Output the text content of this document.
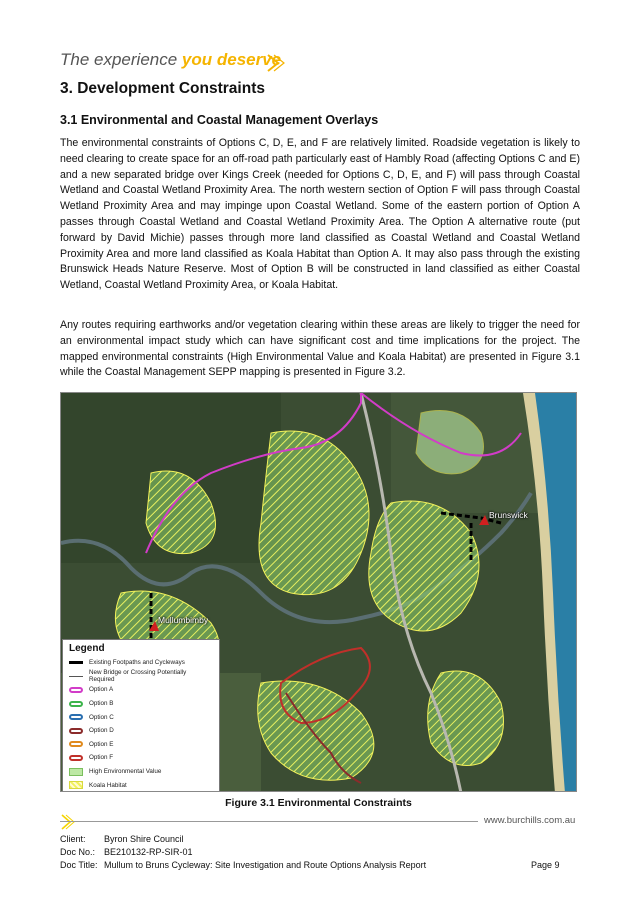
The experience you deserve
3. Development Constraints
3.1 Environmental and Coastal Management Overlays

The environmental constraints of Options C, D, E, and F are relatively limited. Roadside vegetation is likely to need clearing to create space for an off-road path particularly east of Hambly Road (affecting Options C and E) and a new separated bridge over Kings Creek (needed for Options C, D, E, and F) will pass through Coastal Wetland and Coastal Wetland Proximity Area. The north western section of Option F will pass through Coastal Wetland Proximity Area and may impinge upon Coastal Wetland. Some of the eastern portion of Option A passes through Coastal Wetland and Coastal Wetland Proximity Area. The Option A alternative route (put forward by David Michie) passes through more land classified as Coastal Wetland and Coastal Wetland Proximity Area and more land classified as Koala Habitat than Option A. It may also pass through the existing Brunswick Heads Nature Reserve. Most of Option B will be constructed in land classified as either Coastal Wetland, Coastal Wetland Proximity Area, or Koala Habitat.

Any routes requiring earthworks and/or vegetation clearing within these areas are likely to trigger the need for an environmental impact study which can have significant cost and time implications for the project. The mapped environmental constraints (High Environmental Value and Koala Habitat) are presented in Figure 3.1 while the Coastal Management SEPP mapping is presented in Figure 3.2.

Mullumbimby
Brunswick
Legend
Existing Footpaths and Cycleways
New Bridge or Crossing Potentially Required
Option A
Option B
Option C
Option D
Option E
Option F
High Environmental Value
Koala Habitat
Figure 3.1 Environmental Constraints
www.burchills.com.au
Client: Byron Shire Council
Doc No.: BE210132-RP-SIR-01
Doc Title: Mullum to Bruns Cycleway: Site Investigation and Route Options Analysis Report	Page 9
